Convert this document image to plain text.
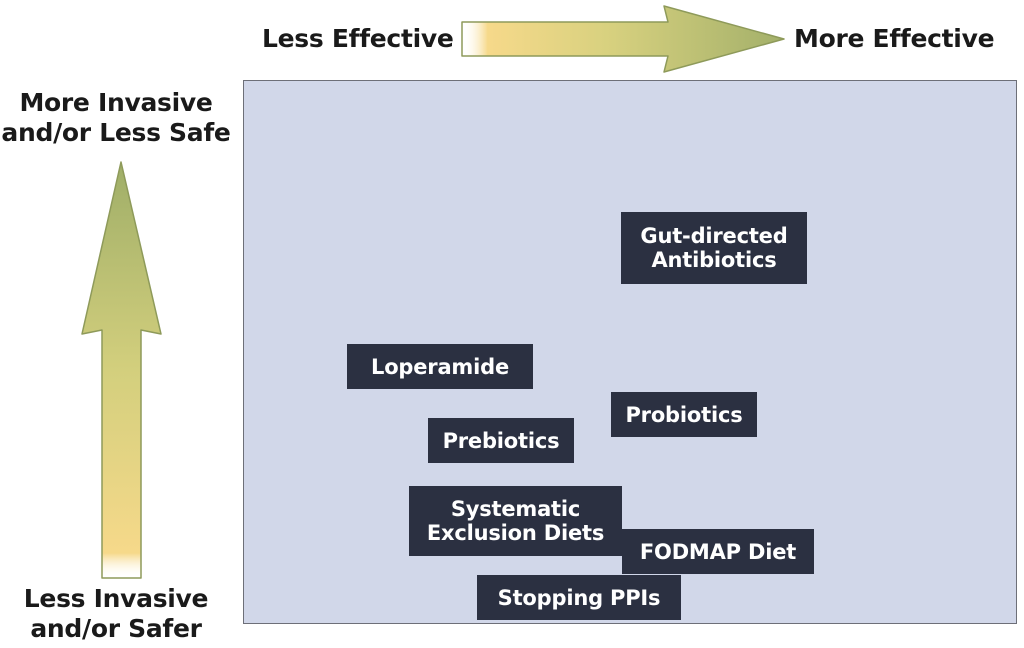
Less Effective	More Effective
More Invasive
and/or Less Safe
Less Invasive
and/or Safer
Gut-directed
Antibiotics
Loperamide
Probiotics
Prebiotics
FODMAP Diet
Systematic
Exclusion Diets
Stopping PPIs
